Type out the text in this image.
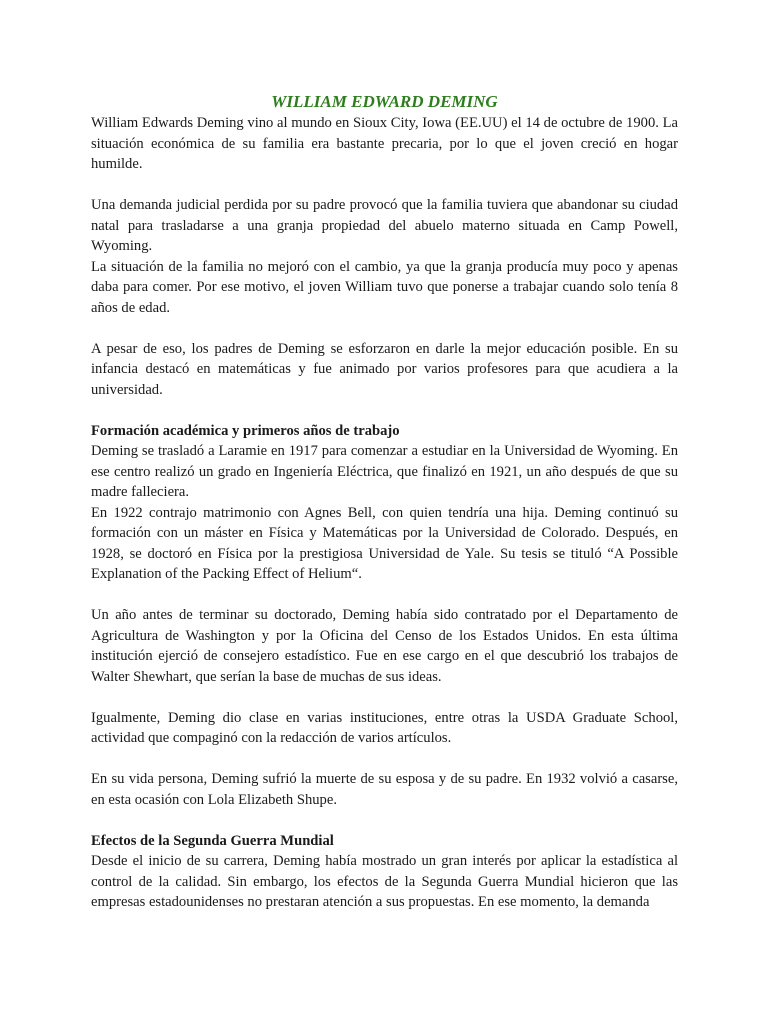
WILLIAM EDWARD DEMING

William Edwards Deming vino al mundo en Sioux City, Iowa (EE.UU) el 14 de octubre de 1900. La situación económica de su familia era bastante precaria, por lo que el joven creció en hogar humilde.

Una demanda judicial perdida por su padre provocó que la familia tuviera que abandonar su ciudad natal para trasladarse a una granja propiedad del abuelo materno situada en Camp Powell, Wyoming.

La situación de la familia no mejoró con el cambio, ya que la granja producía muy poco y apenas daba para comer. Por ese motivo, el joven William tuvo que ponerse a trabajar cuando solo tenía 8 años de edad.

A pesar de eso, los padres de Deming se esforzaron en darle la mejor educación posible. En su infancia destacó en matemáticas y fue animado por varios profesores para que acudiera a la universidad.

Formación académica y primeros años de trabajo

Deming se trasladó a Laramie en 1917 para comenzar a estudiar en la Universidad de Wyoming. En ese centro realizó un grado en Ingeniería Eléctrica, que finalizó en 1921, un año después de que su madre falleciera.

En 1922 contrajo matrimonio con Agnes Bell, con quien tendría una hija. Deming continuó su formación con un máster en Física y Matemáticas por la Universidad de Colorado. Después, en 1928, se doctoró en Física por la prestigiosa Universidad de Yale. Su tesis se tituló “A Possible Explanation of the Packing Effect of Helium“.

Un año antes de terminar su doctorado, Deming había sido contratado por el Departamento de Agricultura de Washington y por la Oficina del Censo de los Estados Unidos. En esta última institución ejerció de consejero estadístico. Fue en ese cargo en el que descubrió los trabajos de Walter Shewhart, que serían la base de muchas de sus ideas.

Igualmente, Deming dio clase en varias instituciones, entre otras la USDA Graduate School, actividad que compaginó con la redacción de varios artículos.

En su vida persona, Deming sufrió la muerte de su esposa y de su padre. En 1932 volvió a casarse, en esta ocasión con Lola Elizabeth Shupe.

Efectos de la Segunda Guerra Mundial

Desde el inicio de su carrera, Deming había mostrado un gran interés por aplicar la estadística al control de la calidad. Sin embargo, los efectos de la Segunda Guerra Mundial hicieron que las empresas estadounidenses no prestaran atención a sus propuestas. En ese momento, la demanda
